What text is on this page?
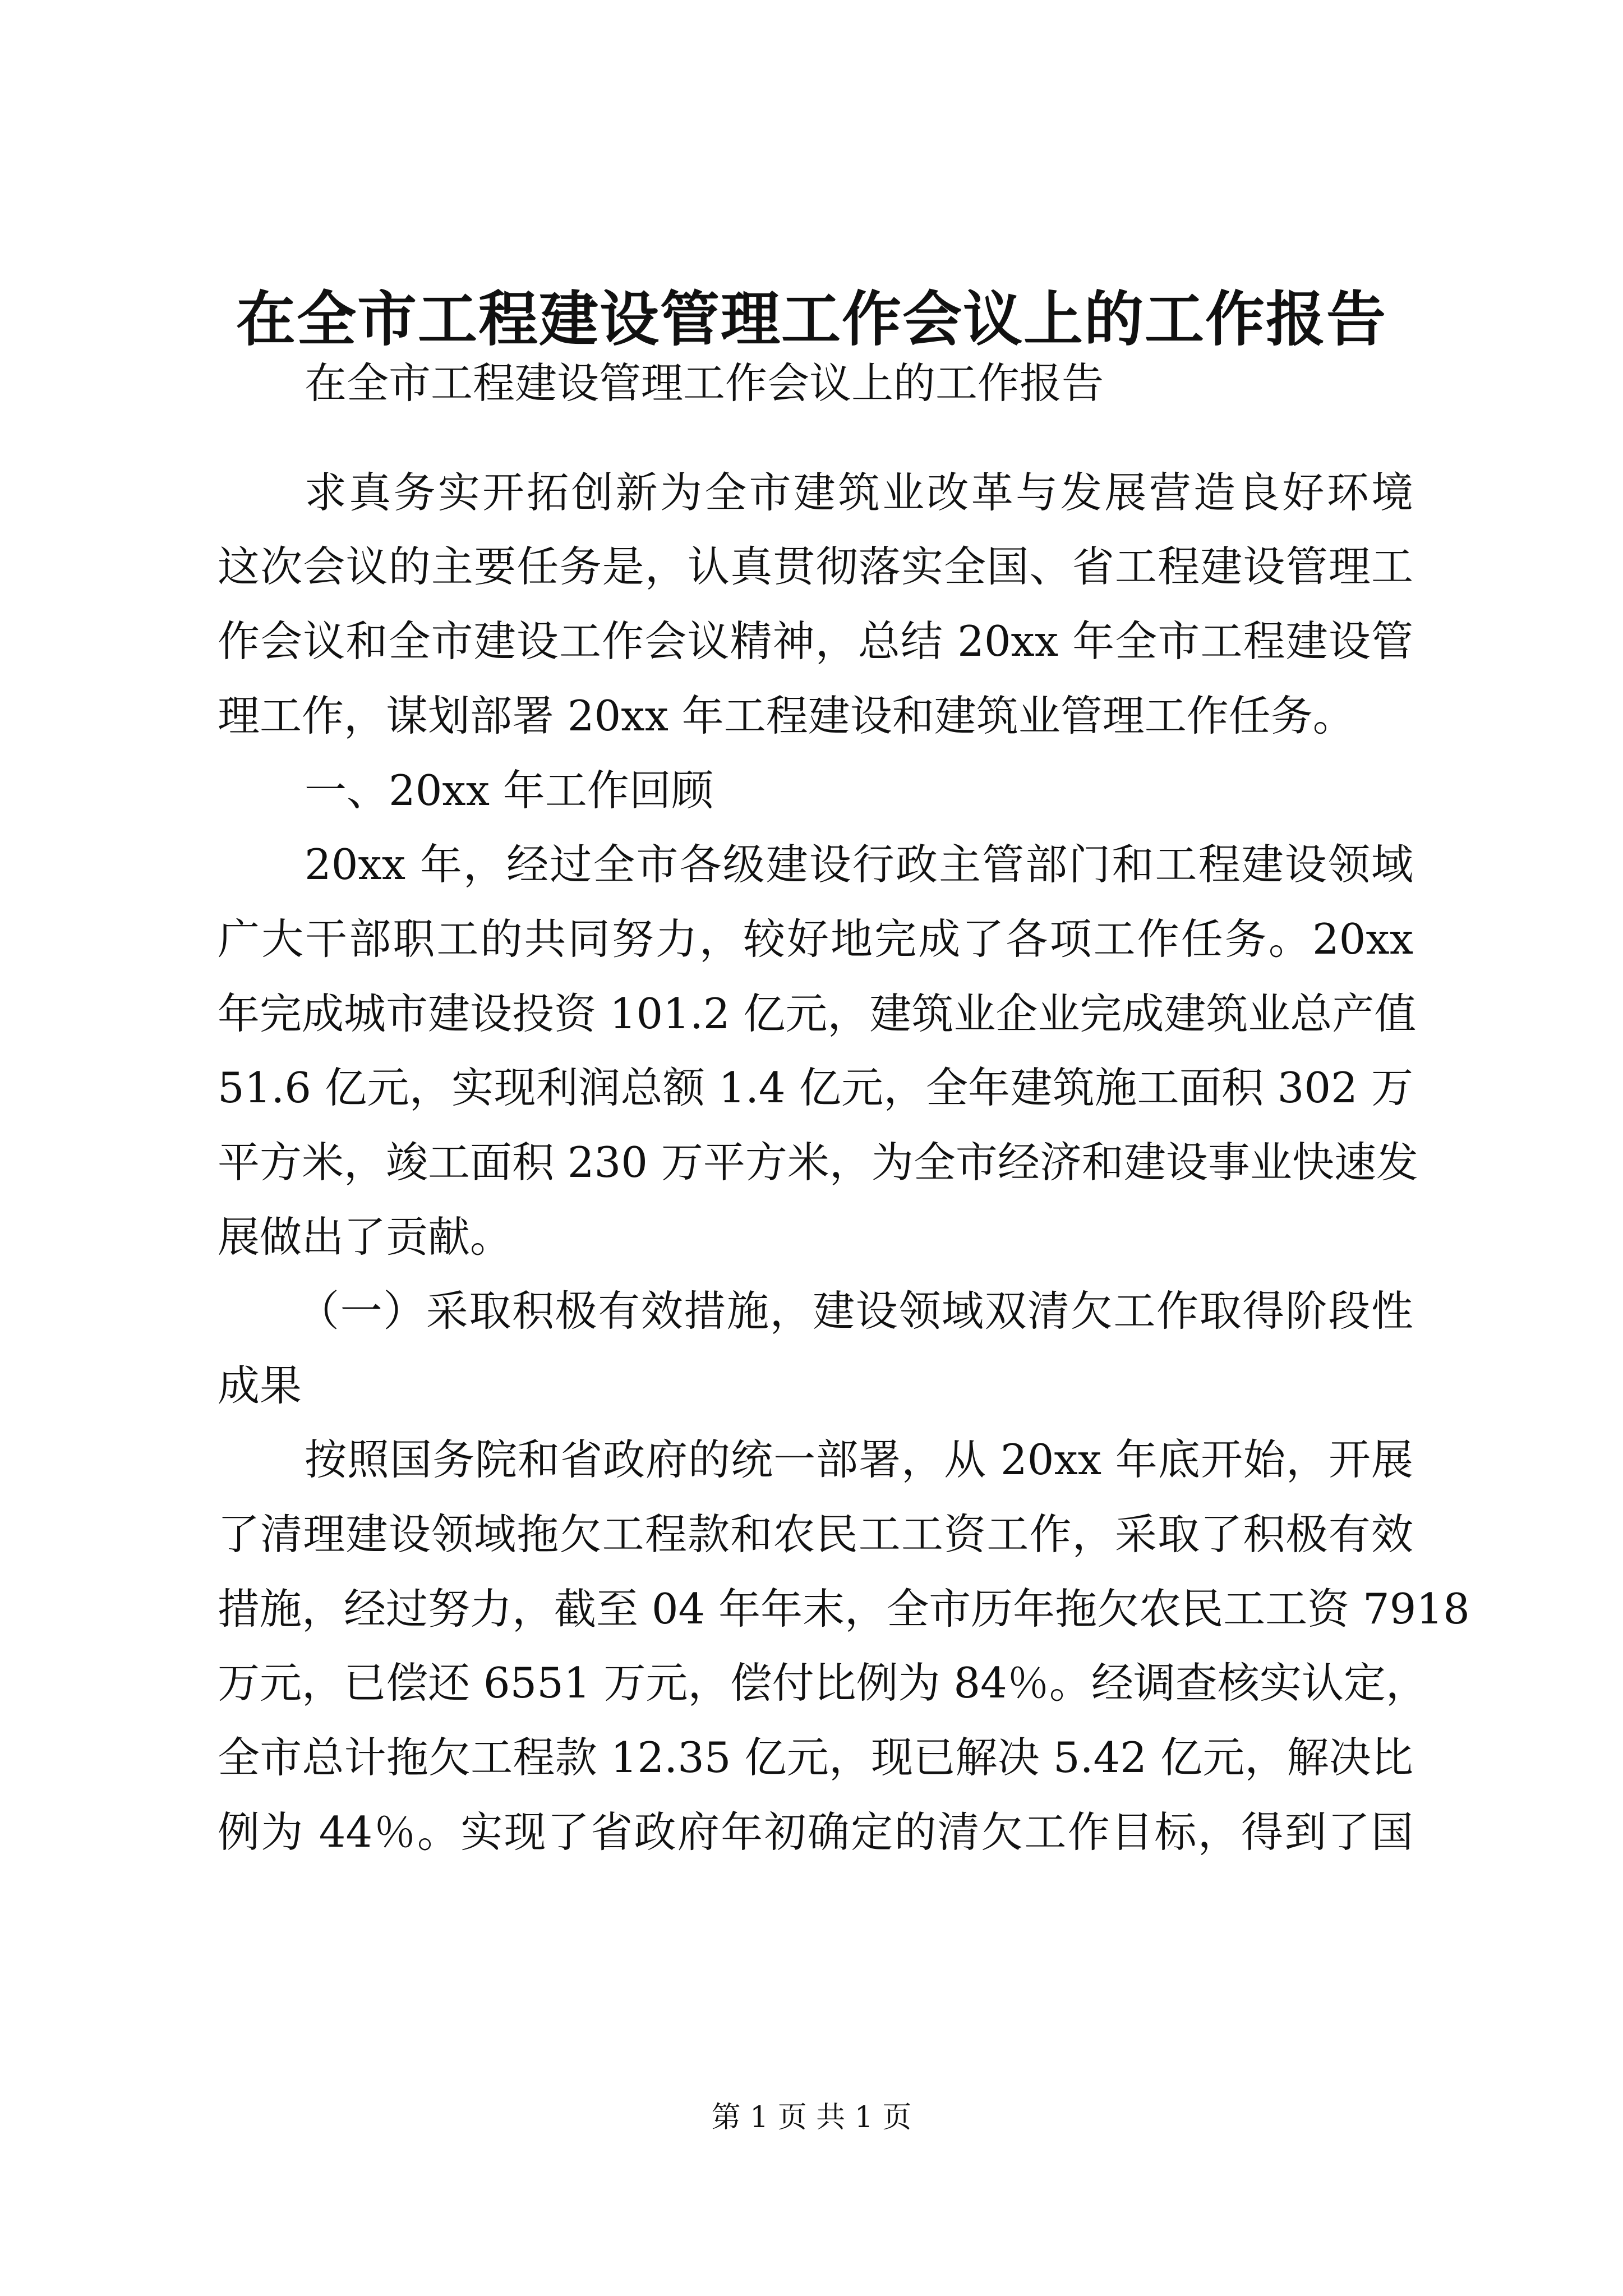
在全市工程建设管理工作会议上的工作报告
在全市工程建设管理工作会议上的工作报告
求真务实开拓创新为全市建筑业改革与发展营造良好环境
这次会议的主要任务是，认真贯彻落实全国、省工程建设管理工
作会议和全市建设工作会议精神，总结 20xx 年全市工程建设管
理工作，谋划部署 20xx 年工程建设和建筑业管理工作任务。
一、20xx 年工作回顾
20xx 年，经过全市各级建设行政主管部门和工程建设领域
广大干部职工的共同努力，较好地完成了各项工作任务。20xx
年完成城市建设投资 101.2 亿元，建筑业企业完成建筑业总产值
51.6 亿元，实现利润总额 1.4 亿元，全年建筑施工面积 302 万
平方米，竣工面积 230 万平方米，为全市经济和建设事业快速发
展做出了贡献。
（一）采取积极有效措施，建设领域双清欠工作取得阶段性
成果
按照国务院和省政府的统一部署，从 20xx 年底开始，开展
了清理建设领域拖欠工程款和农民工工资工作，采取了积极有效
措施，经过努力，截至 04 年年末，全市历年拖欠农民工工资 7918
万元，已偿还 6551 万元，偿付比例为 84％。经调查核实认定，
全市总计拖欠工程款 12.35 亿元，现已解决 5.42 亿元，解决比
例为 44％。实现了省政府年初确定的清欠工作目标，得到了国
第 1 页 共 1 页
